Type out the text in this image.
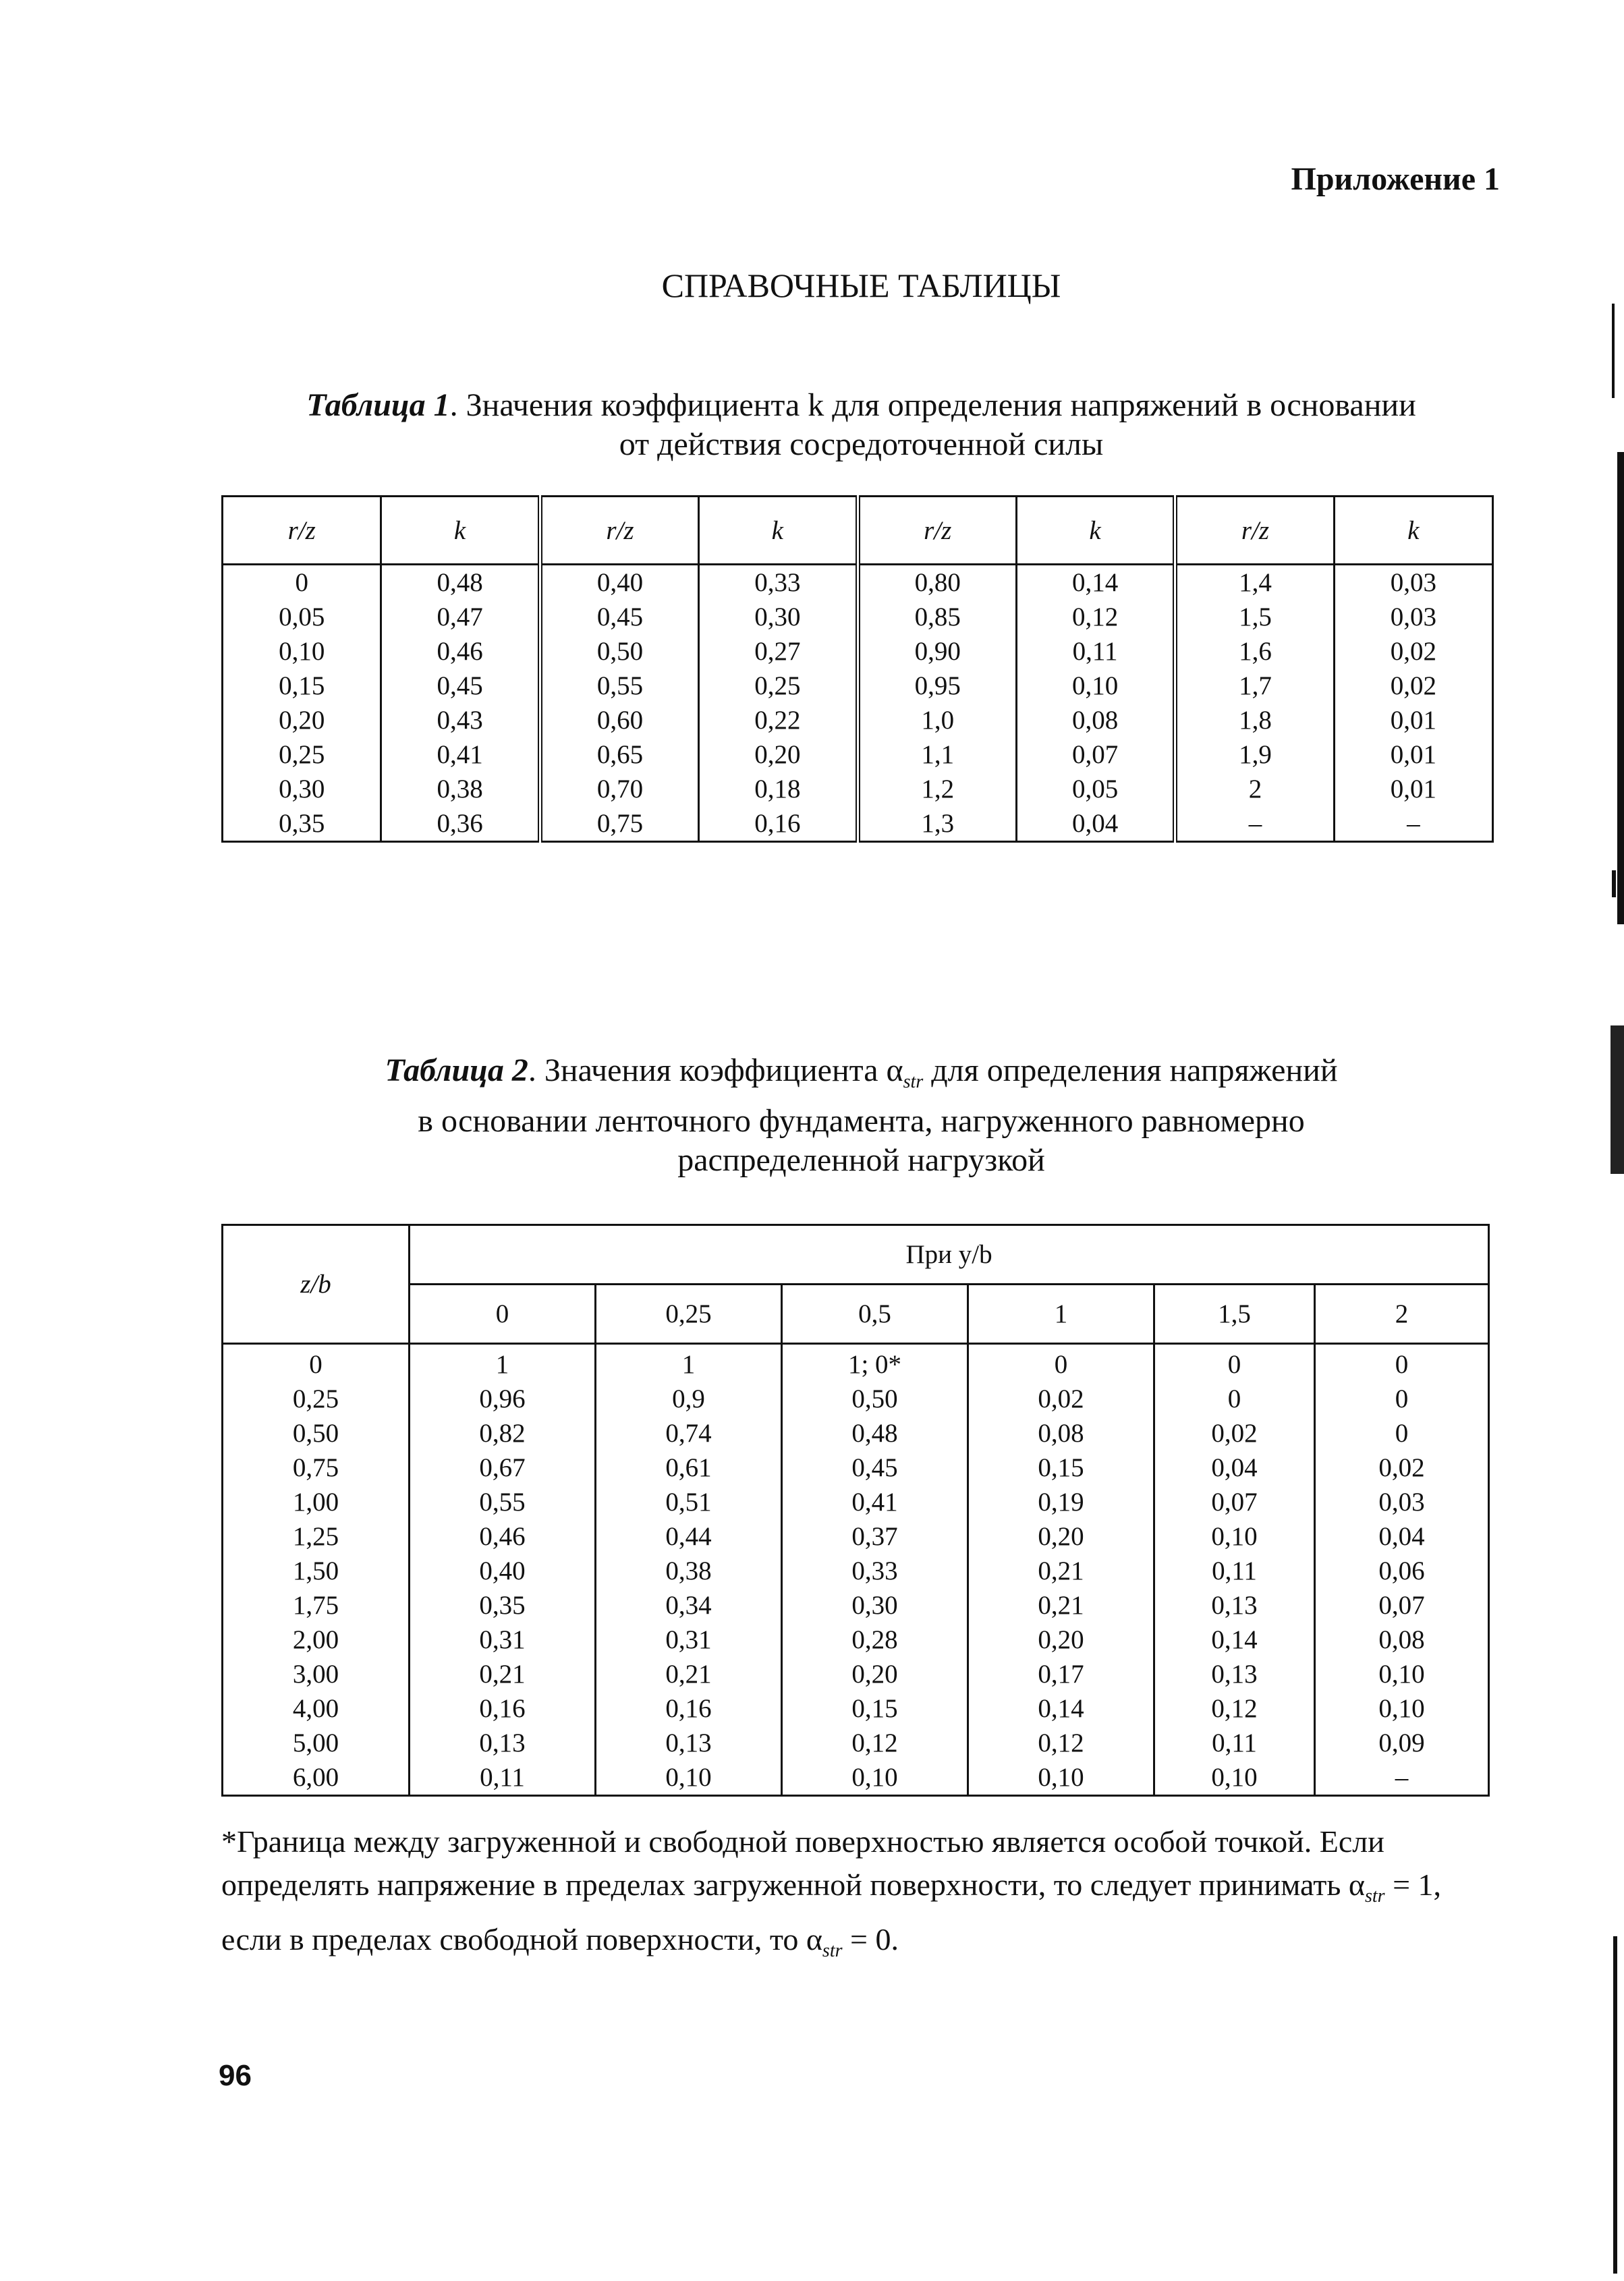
Приложение 1
СПРАВОЧНЫЕ ТАБЛИЦЫ
Таблица 1. Значения коэффициента k для определения напряжений в основании
от действия сосредоточенной силы
r/z	k	r/z	k	r/z	k	r/z	k
0	0,48	0,40	0,33	0,80	0,14	1,4	0,03
0,05	0,47	0,45	0,30	0,85	0,12	1,5	0,03
0,10	0,46	0,50	0,27	0,90	0,11	1,6	0,02
0,15	0,45	0,55	0,25	0,95	0,10	1,7	0,02
0,20	0,43	0,60	0,22	1,0	0,08	1,8	0,01
0,25	0,41	0,65	0,20	1,1	0,07	1,9	0,01
0,30	0,38	0,70	0,18	1,2	0,05	2	0,01
0,35	0,36	0,75	0,16	1,3	0,04	–	–
Таблица 2. Значения коэффициента $\alpha_{str}$ для определения напряжений
в основании ленточного фундамента, нагруженного равномерно
распределенной нагрузкой
z/b	При y/b					
	0	0,25	0,5	1	1,5	2
0	1	1	1; 0*	0	0	0
0,25	0,96	0,9	0,50	0,02	0	0
0,50	0,82	0,74	0,48	0,08	0,02	0
0,75	0,67	0,61	0,45	0,15	0,04	0,02
1,00	0,55	0,51	0,41	0,19	0,07	0,03
1,25	0,46	0,44	0,37	0,20	0,10	0,04
1,50	0,40	0,38	0,33	0,21	0,11	0,06
1,75	0,35	0,34	0,30	0,21	0,13	0,07
2,00	0,31	0,31	0,28	0,20	0,14	0,08
3,00	0,21	0,21	0,20	0,17	0,13	0,10
4,00	0,16	0,16	0,15	0,14	0,12	0,10
5,00	0,13	0,13	0,12	0,12	0,11	0,09
6,00	0,11	0,10	0,10	0,10	0,10	–
*Граница между загруженной и свободной поверхностью является особой точкой. Если
определять напряжение в пределах загруженной поверхности, то следует принимать $\alpha_{str} = 1$,
если в пределах свободной поверхности, то $\alpha_{str} = 0$.
96
